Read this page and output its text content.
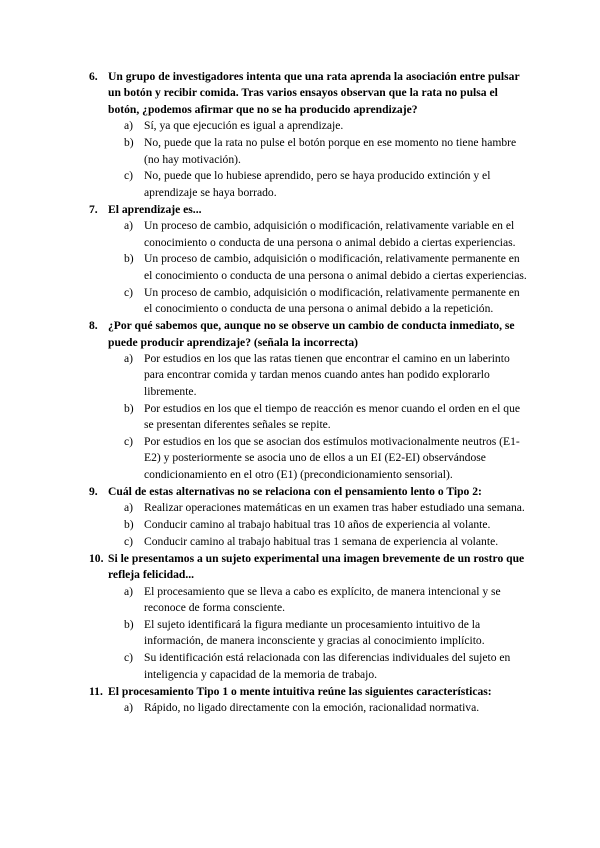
6. Un grupo de investigadores intenta que una rata aprenda la asociación entre pulsar un botón y recibir comida. Tras varios ensayos observan que la rata no pulsa el botón, ¿podemos afirmar que no se ha producido aprendizaje?
a) Sí, ya que ejecución es igual a aprendizaje.
b) No, puede que la rata no pulse el botón porque en ese momento no tiene hambre (no hay motivación).
c) No, puede que lo hubiese aprendido, pero se haya producido extinción y el aprendizaje se haya borrado.
7. El aprendizaje es...
a) Un proceso de cambio, adquisición o modificación, relativamente variable en el conocimiento o conducta de una persona o animal debido a ciertas experiencias.
b) Un proceso de cambio, adquisición o modificación, relativamente permanente en el conocimiento o conducta de una persona o animal debido a ciertas experiencias.
c) Un proceso de cambio, adquisición o modificación, relativamente permanente en el conocimiento o conducta de una persona o animal debido a la repetición.
8. ¿Por qué sabemos que, aunque no se observe un cambio de conducta inmediato, se puede producir aprendizaje? (señala la incorrecta)
a) Por estudios en los que las ratas tienen que encontrar el camino en un laberinto para encontrar comida y tardan menos cuando antes han podido explorarlo libremente.
b) Por estudios en los que el tiempo de reacción es menor cuando el orden en el que se presentan diferentes señales se repite.
c) Por estudios en los que se asocian dos estímulos motivacionalmente neutros (E1-E2) y posteriormente se asocia uno de ellos a un EI (E2-EI) observándose condicionamiento en el otro (E1) (precondicionamiento sensorial).
9. Cuál de estas alternativas no se relaciona con el pensamiento lento o Tipo 2:
a) Realizar operaciones matemáticas en un examen tras haber estudiado una semana.
b) Conducir camino al trabajo habitual tras 10 años de experiencia al volante.
c) Conducir camino al trabajo habitual tras 1 semana de experiencia al volante.
10. Si le presentamos a un sujeto experimental una imagen brevemente de un rostro que refleja felicidad...
a) El procesamiento que se lleva a cabo es explícito, de manera intencional y se reconoce de forma consciente.
b) El sujeto identificará la figura mediante un procesamiento intuitivo de la información, de manera inconsciente y gracias al conocimiento implícito.
c) Su identificación está relacionada con las diferencias individuales del sujeto en inteligencia y capacidad de la memoria de trabajo.
11. El procesamiento Tipo 1 o mente intuitiva reúne las siguientes características:
a) Rápido, no ligado directamente con la emoción, racionalidad normativa.
